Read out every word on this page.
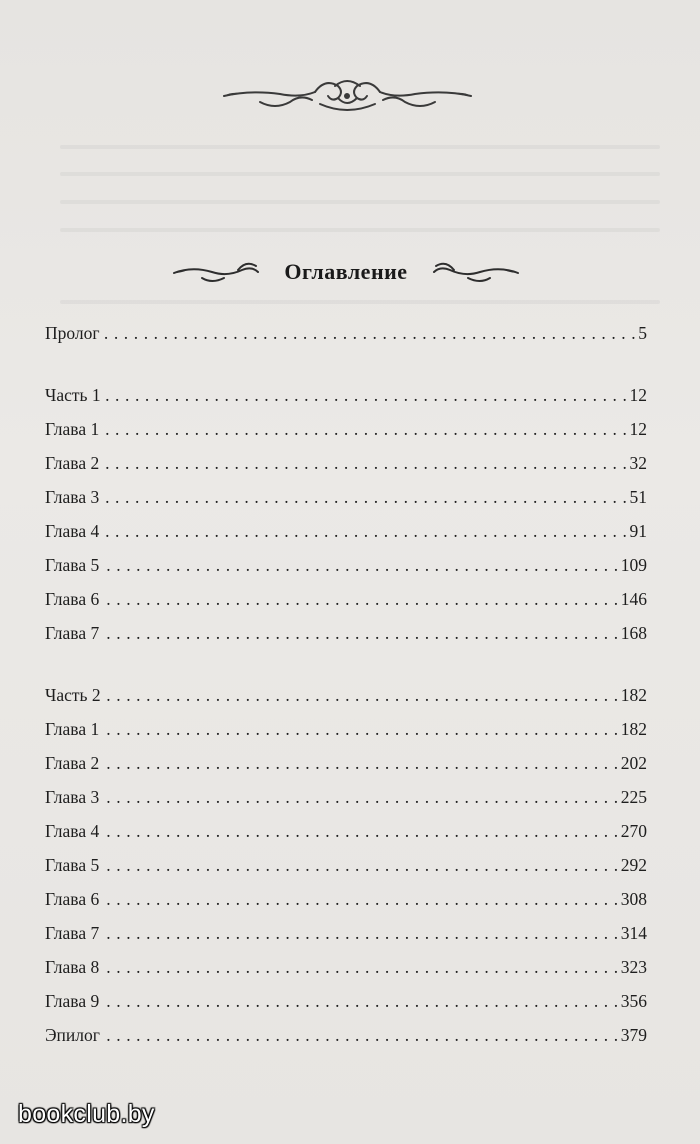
Оглавление
Пролог . . .	5
Часть 1 . . .	12
Глава 1 . . .	12
Глава 2 . . .	32
Глава 3 . . .	51
Глава 4 . . .	91
Глава 5 . . .	109
Глава 6 . . .	146
Глава 7 . . .	168
Часть 2 . . .	182
Глава 1 . . .	182
Глава 2 . . .	202
Глава 3 . . .	225
Глава 4 . . .	270
Глава 5 . . .	292
Глава 6 . . .	308
Глава 7 . . .	314
Глава 8 . . .	323
Глава 9 . . .	356
Эпилог . . .	379
bookclub.by
